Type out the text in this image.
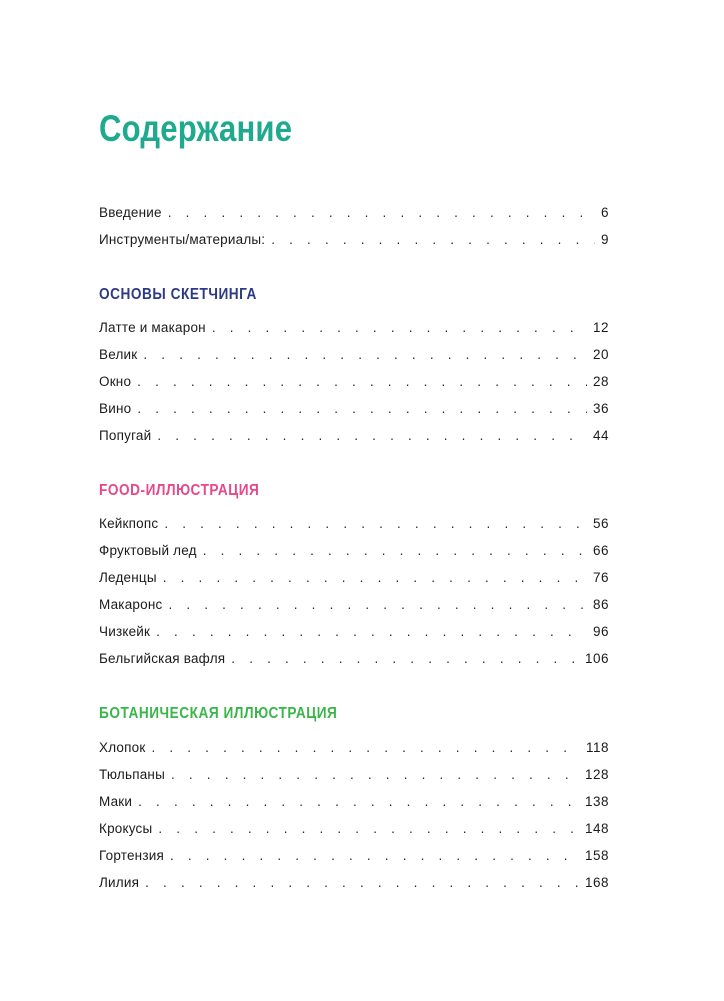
Содержание
Введение . . .	6
Инструменты/материалы: . . .	9
ОСНОВЫ СКЕТЧИНГА
Латте и макарон . . .	12
Велик . . .	20
Окно . . .	28
Вино . . .	36
Попугай . . .	44
FOOD-ИЛЛЮСТРАЦИЯ
Кейкпопс . . .	56
Фруктовый лед . . .	66
Леденцы . . .	76
Макаронс . . .	86
Чизкейк . . .	96
Бельгийская вафля . . .	106
БОТАНИЧЕСКАЯ ИЛЛЮСТРАЦИЯ
Хлопок . . .	118
Тюльпаны . . .	128
Маки . . .	138
Крокусы . . .	148
Гортензия . . .	158
Лилия . . .	168
